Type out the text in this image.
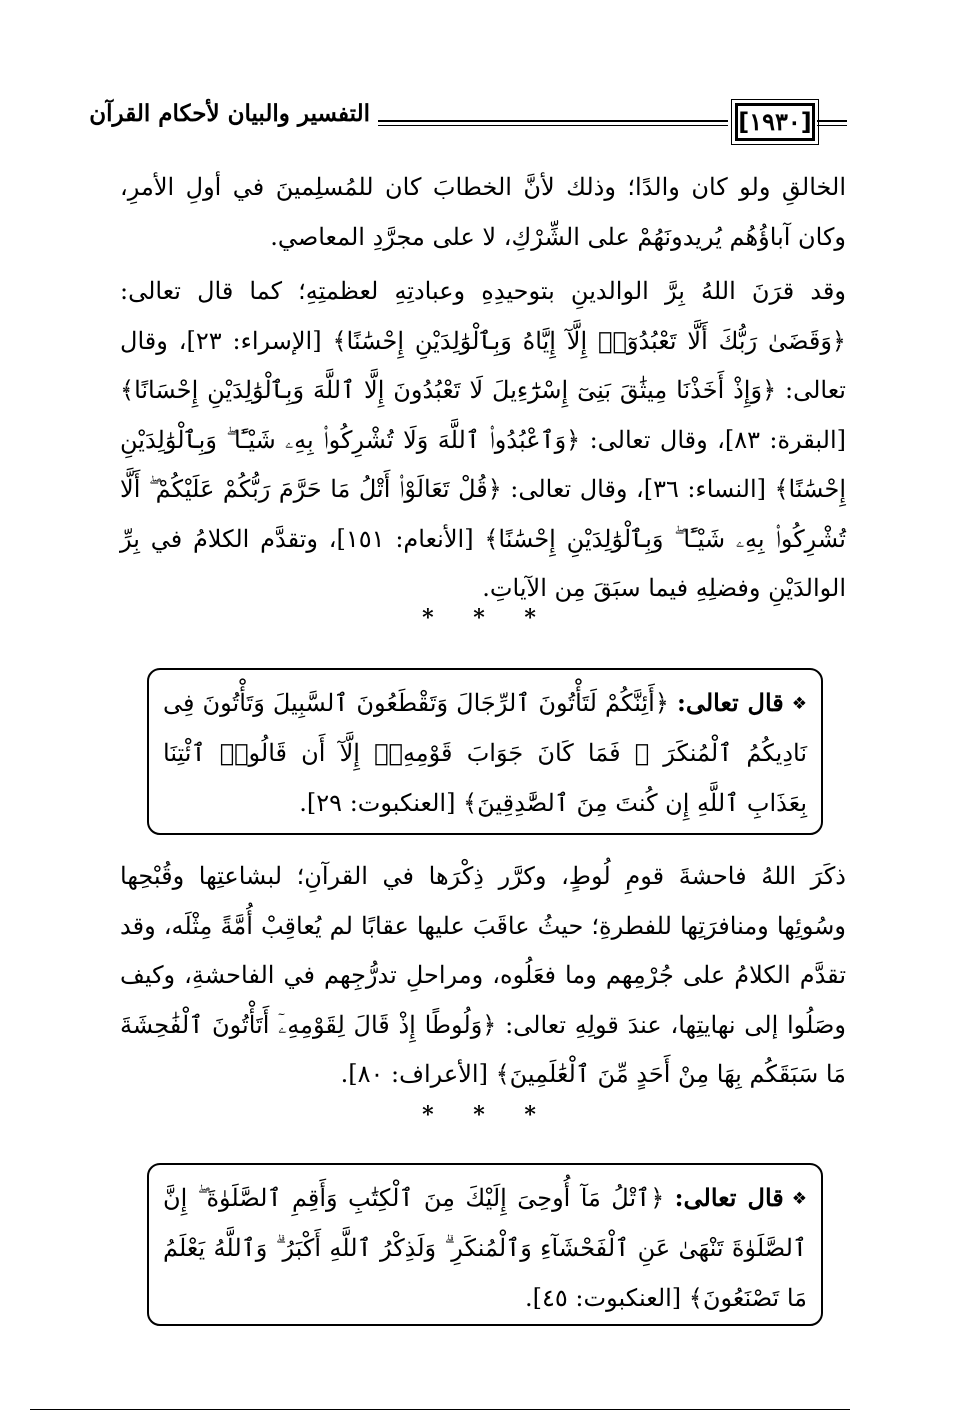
التفسير والبيان لأحكام القرآن	[١٩٣٠]

الخالقِ ولو كان والدًا؛ وذلك لأنَّ الخطابَ كان للمُسلِمينَ في أولِ الأمرِ، وكان آباؤُهُم يُريدونَهُمْ على الشِّرْكِ، لا على مجرَّدِ المعاصي.

وقد قرَنَ اللهُ بِرَّ الوالدينِ بتوحيدِهِ وعبادتِهِ لعظمتِهِ؛ كما قال تعالى: ﴿وَقَضَىٰ رَبُّكَ أَلَّا تَعْبُدُوٓا۟ إِلَّآ إِيَّاهُ وَبِٱلْوَٰلِدَيْنِ إِحْسَٰنًا﴾ [الإسراء: ٢٣]، وقال تعالى: ﴿وَإِذْ أَخَذْنَا مِيثَٰقَ بَنِىٓ إِسْرَٰٓءِيلَ لَا تَعْبُدُونَ إِلَّا ٱللَّهَ وَبِٱلْوَٰلِدَيْنِ إِحْسَانًا﴾ [البقرة: ٨٣]، وقال تعالى: ﴿وَٱعْبُدُوا۟ ٱللَّهَ وَلَا تُشْرِكُوا۟ بِهِۦ شَيْـًٔا ۖ وَبِٱلْوَٰلِدَيْنِ إِحْسَٰنًا﴾ [النساء: ٣٦]، وقال تعالى: ﴿قُلْ تَعَالَوْا۟ أَتْلُ مَا حَرَّمَ رَبُّكُمْ عَلَيْكُمْ ۖ أَلَّا تُشْرِكُوا۟ بِهِۦ شَيْـًٔا ۖ وَبِٱلْوَٰلِدَيْنِ إِحْسَٰنًا﴾ [الأنعام: ١٥١]، وتقدَّم الكلامُ في بِرِّ الوالدَيْنِ وفضلِهِ فيما سبَقَ مِن الآياتِ.

* * *

❖قال تعالى: ﴿أَئِنَّكُمْ لَتَأْتُونَ ٱلرِّجَالَ وَتَقْطَعُونَ ٱلسَّبِيلَ وَتَأْتُونَ فِى نَادِيكُمُ ٱلْمُنكَرَ ۖ فَمَا كَانَ جَوَابَ قَوْمِهِۦٓ إِلَّآ أَن قَالُوا۟ ٱئْتِنَا بِعَذَابِ ٱللَّهِ إِن كُنتَ مِنَ ٱلصَّٰدِقِينَ﴾ [العنكبوت: ٢٩].

ذكَرَ اللهُ فاحشةَ قومِ لُوطٍ، وكرَّر ذِكْرَها في القرآنِ؛ لبشاعتِها وقُبْحِها وسُوئِها ومنافرَتِها للفطرةِ؛ حيثُ عاقَبَ عليها عقابًا لم يُعاقِبْ أُمَّةً مِثْلَه، وقد تقدَّم الكلامُ على جُرْمِهم وما فعَلُوه، ومراحلِ تدرُّجِهم في الفاحشةِ، وكيف وصَلُوا إلى نهايتِها، عندَ قولِهِ تعالى: ﴿وَلُوطًا إِذْ قَالَ لِقَوْمِهِۦٓ أَتَأْتُونَ ٱلْفَٰحِشَةَ مَا سَبَقَكُم بِهَا مِنْ أَحَدٍ مِّنَ ٱلْعَٰلَمِينَ﴾ [الأعراف: ٨٠].

* * *

❖قال تعالى: ﴿ٱتْلُ مَآ أُوحِىَ إِلَيْكَ مِنَ ٱلْكِتَٰبِ وَأَقِمِ ٱلصَّلَوٰةَ ۖ إِنَّ ٱلصَّلَوٰةَ تَنْهَىٰ عَنِ ٱلْفَحْشَآءِ وَٱلْمُنكَرِ ۗ وَلَذِكْرُ ٱللَّهِ أَكْبَرُ ۗ وَٱللَّهُ يَعْلَمُ مَا تَصْنَعُونَ﴾ [العنكبوت: ٤٥].
